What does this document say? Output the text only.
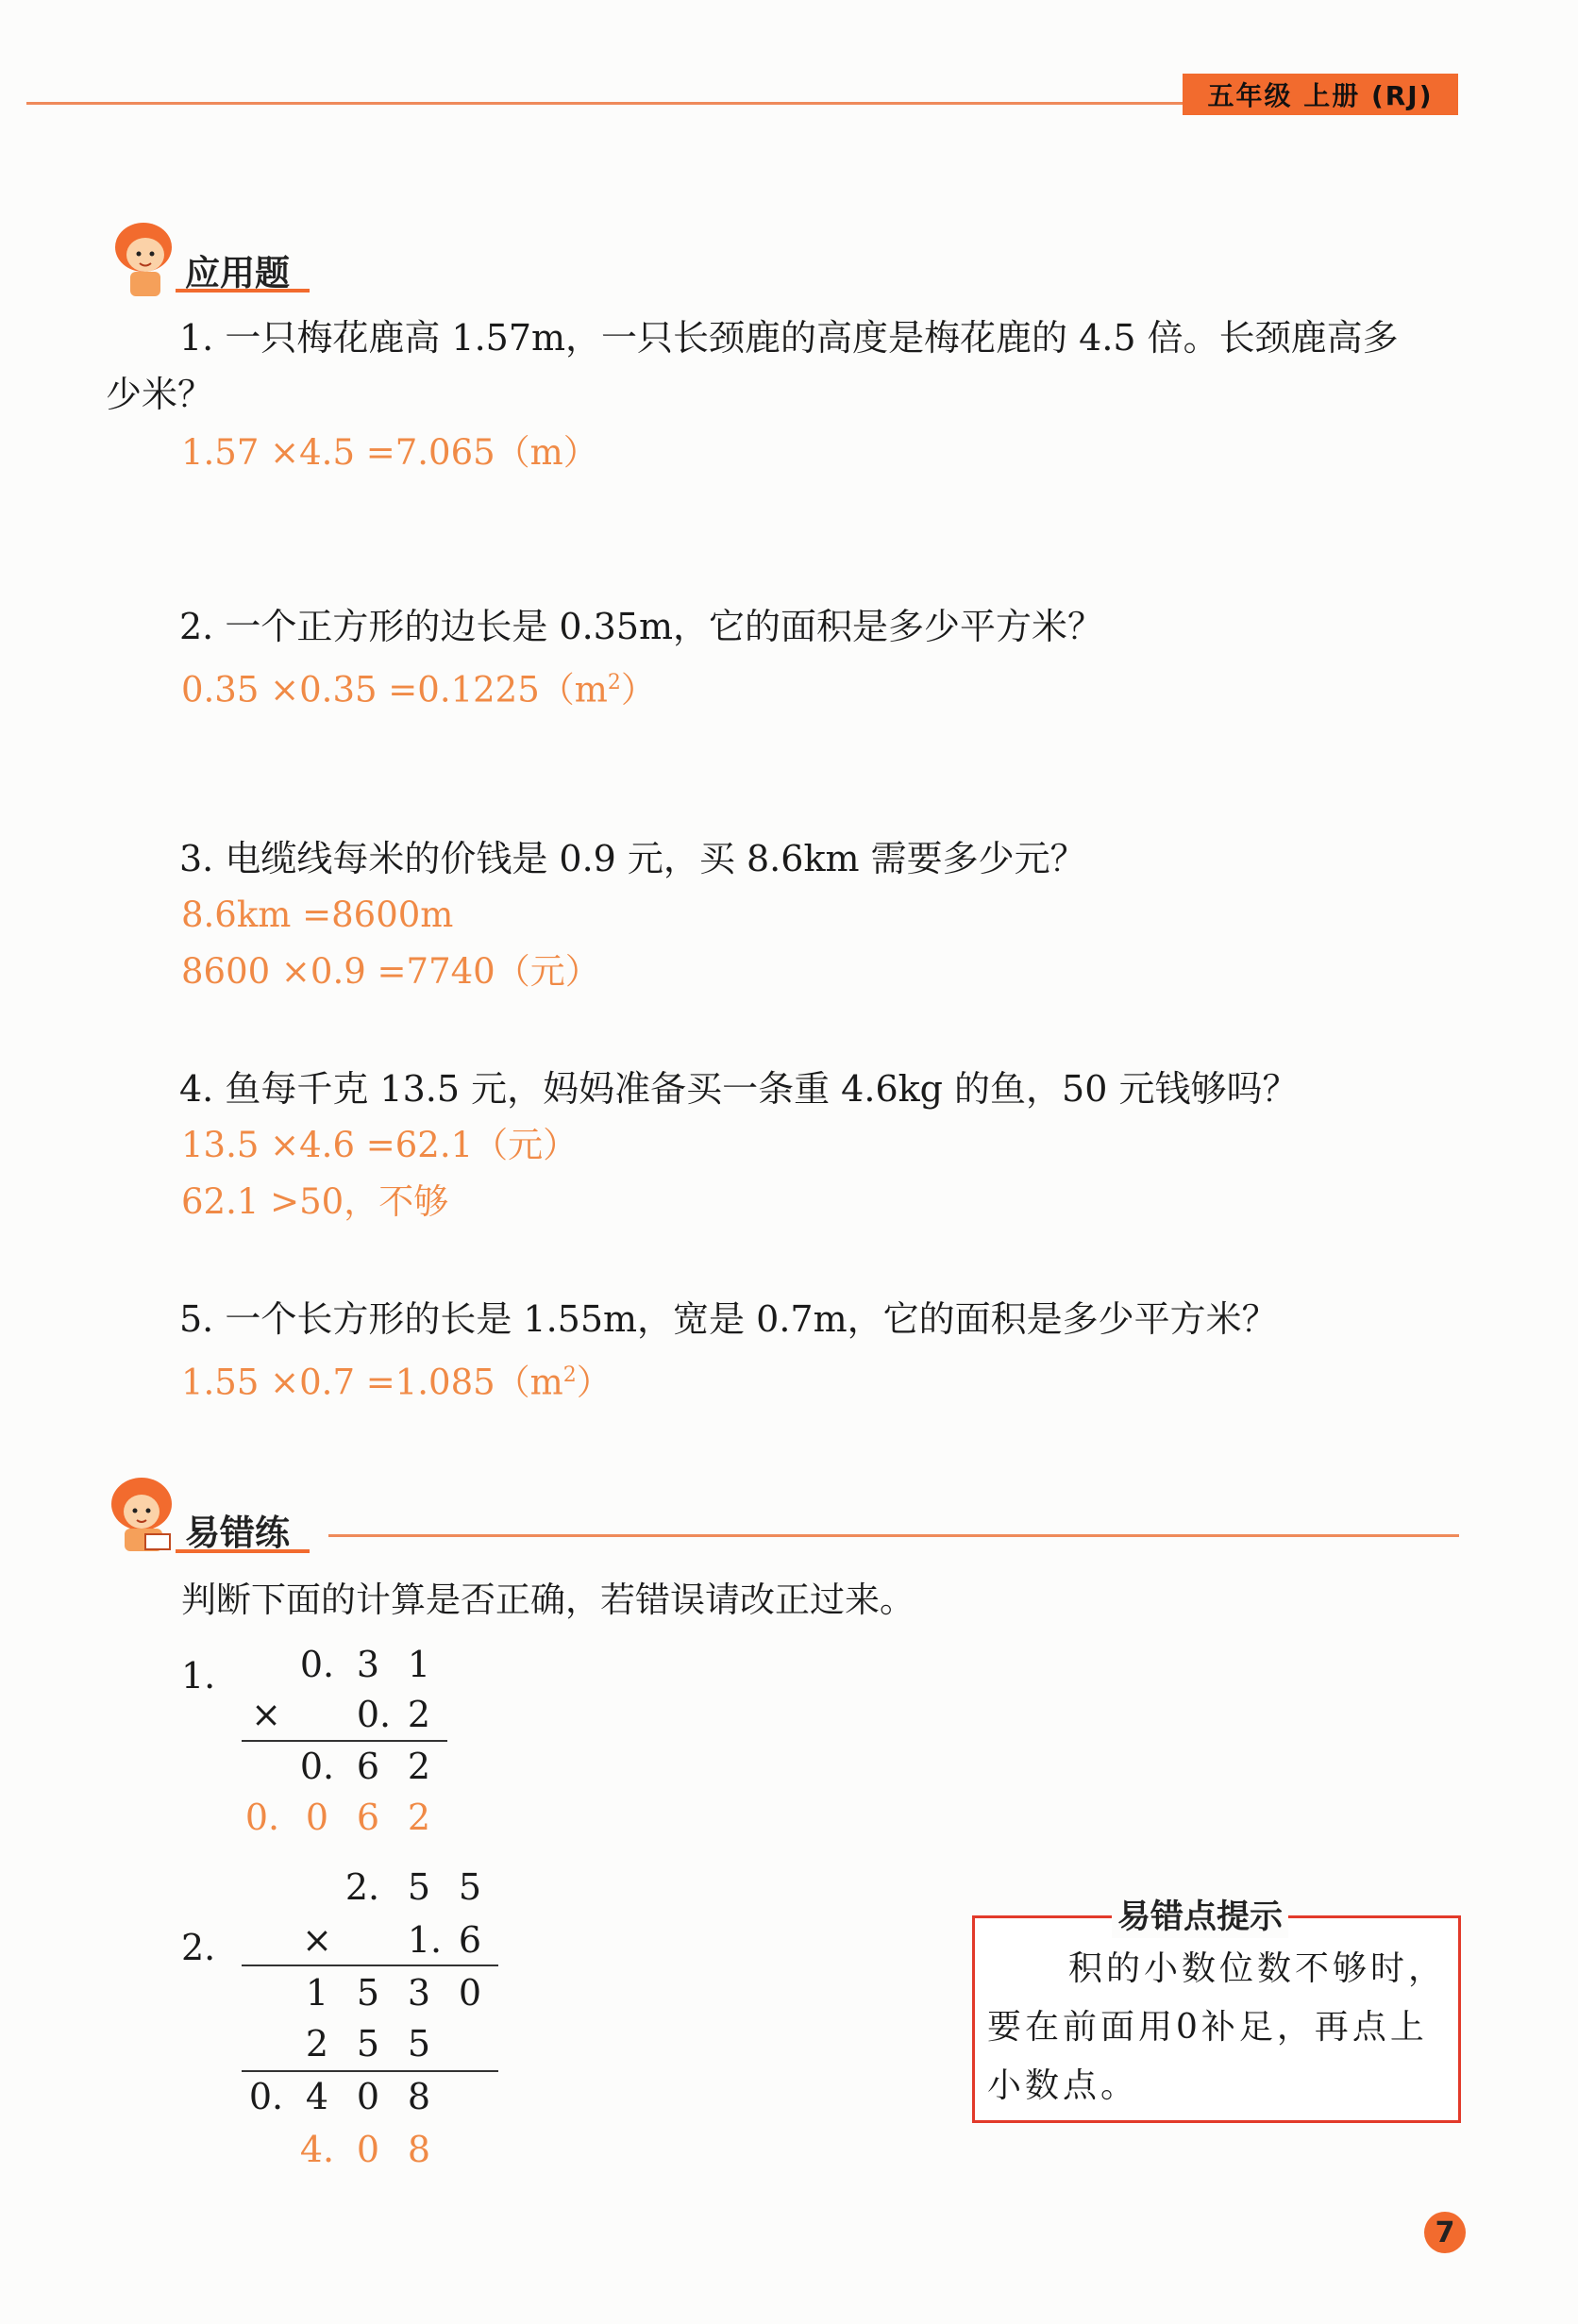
五年级 上册 (RJ)
应用题
1. 一只梅花鹿高 1.57m，一只长颈鹿的高度是梅花鹿的 4.5 倍。长颈鹿高多
少米？
1.57 ×4.5 =7.065（m）
2. 一个正方形的边长是 0.35m，它的面积是多少平方米？
$0.35 \times 0.35 =0.1225(m^2)$
3. 电缆线每米的价钱是 0.9 元，买 8.6km 需要多少元？
8.6km =8600m
8600 ×0.9 =7740（元）
4. 鱼每千克 13.5 元，妈妈准备买一条重 4.6kg 的鱼，50 元钱够吗？
13.5 ×4.6 =62.1（元）
62.1 >50，不够
5. 一个长方形的长是 1.55m，宽是 0.7m，它的面积是多少平方米？
$1.55 \times 0.7 =1.085(m^2)$
易错练
判断下面的计算是否正确，若错误请改正过来。
1. 0. 3 1
× 0. 2
0. 6 2
0. 0 6 2
2. 5 5
2. × 1. 6
1 5 3 0
2 5 5
0. 4 0 8
4. 0 8
易错点提示
积的小数位数不够时，
要在前面用0补足，再点上
小数点。
7
